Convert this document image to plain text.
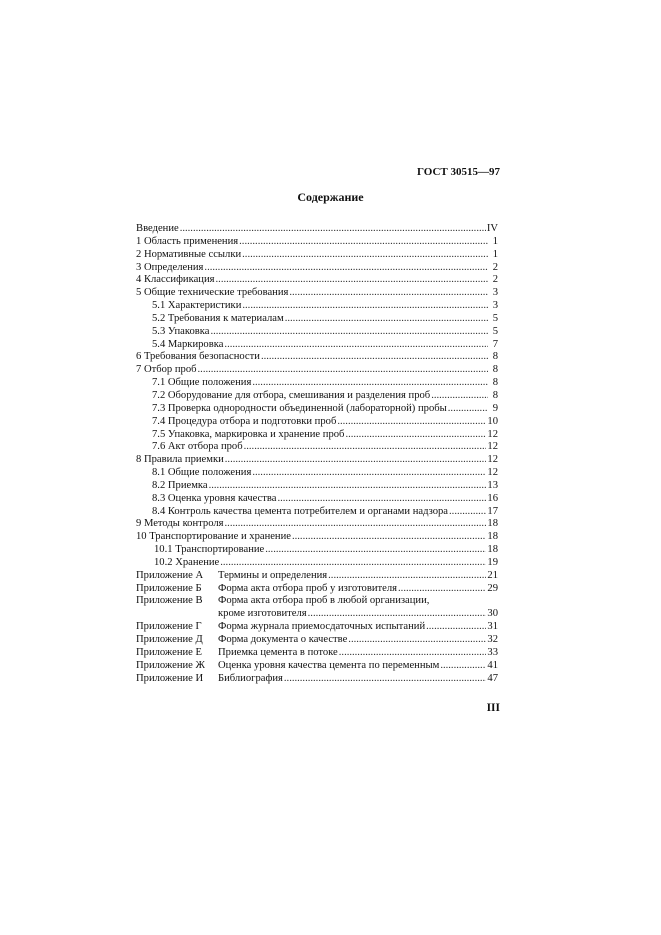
ГОСТ 30515—97
Содержание
Введение .....	IV
1 Область применения .....	1
2 Нормативные ссылки .....	1
3 Определения .....	2
4 Классификация .....	2
5 Общие технические требования .....	3
5.1 Характеристики .....	3
5.2 Требования к материалам .....	5
5.3 Упаковка .....	5
5.4 Маркировка .....	7
6 Требования безопасности .....	8
7 Отбор проб .....	8
7.1 Общие положения .....	8
7.2 Оборудование для отбора, смешивания и разделения проб .....	8
7.3 Проверка однородности объединенной (лабораторной) пробы .....	9
7.4 Процедура отбора и подготовки проб .....	10
7.5 Упаковка, маркировка и хранение проб .....	12
7.6 Акт отбора проб .....	12
8 Правила приемки .....	12
8.1 Общие положения .....	12
8.2 Приемка .....	13
8.3 Оценка уровня качества .....	16
8.4 Контроль качества цемента потребителем и органами надзора .....	17
9 Методы контроля .....	18
10 Транспортирование и хранение .....	18
10.1 Транспортирование .....	18
10.2 Хранение .....	19
Приложение А	Термины и определения .....	21
Приложение Б	Форма акта отбора проб у изготовителя .....	29
Приложение В	Форма акта отбора проб в любой организации,
кроме изготовителя .....	30
Приложение Г	Форма журнала приемосдаточных испытаний .....	31
Приложение Д	Форма документа о качестве .....	32
Приложение Е	Приемка цемента в потоке .....	33
Приложение Ж	Оценка уровня качества цемента по переменным .....	41
Приложение И	Библиография .....	47
III
